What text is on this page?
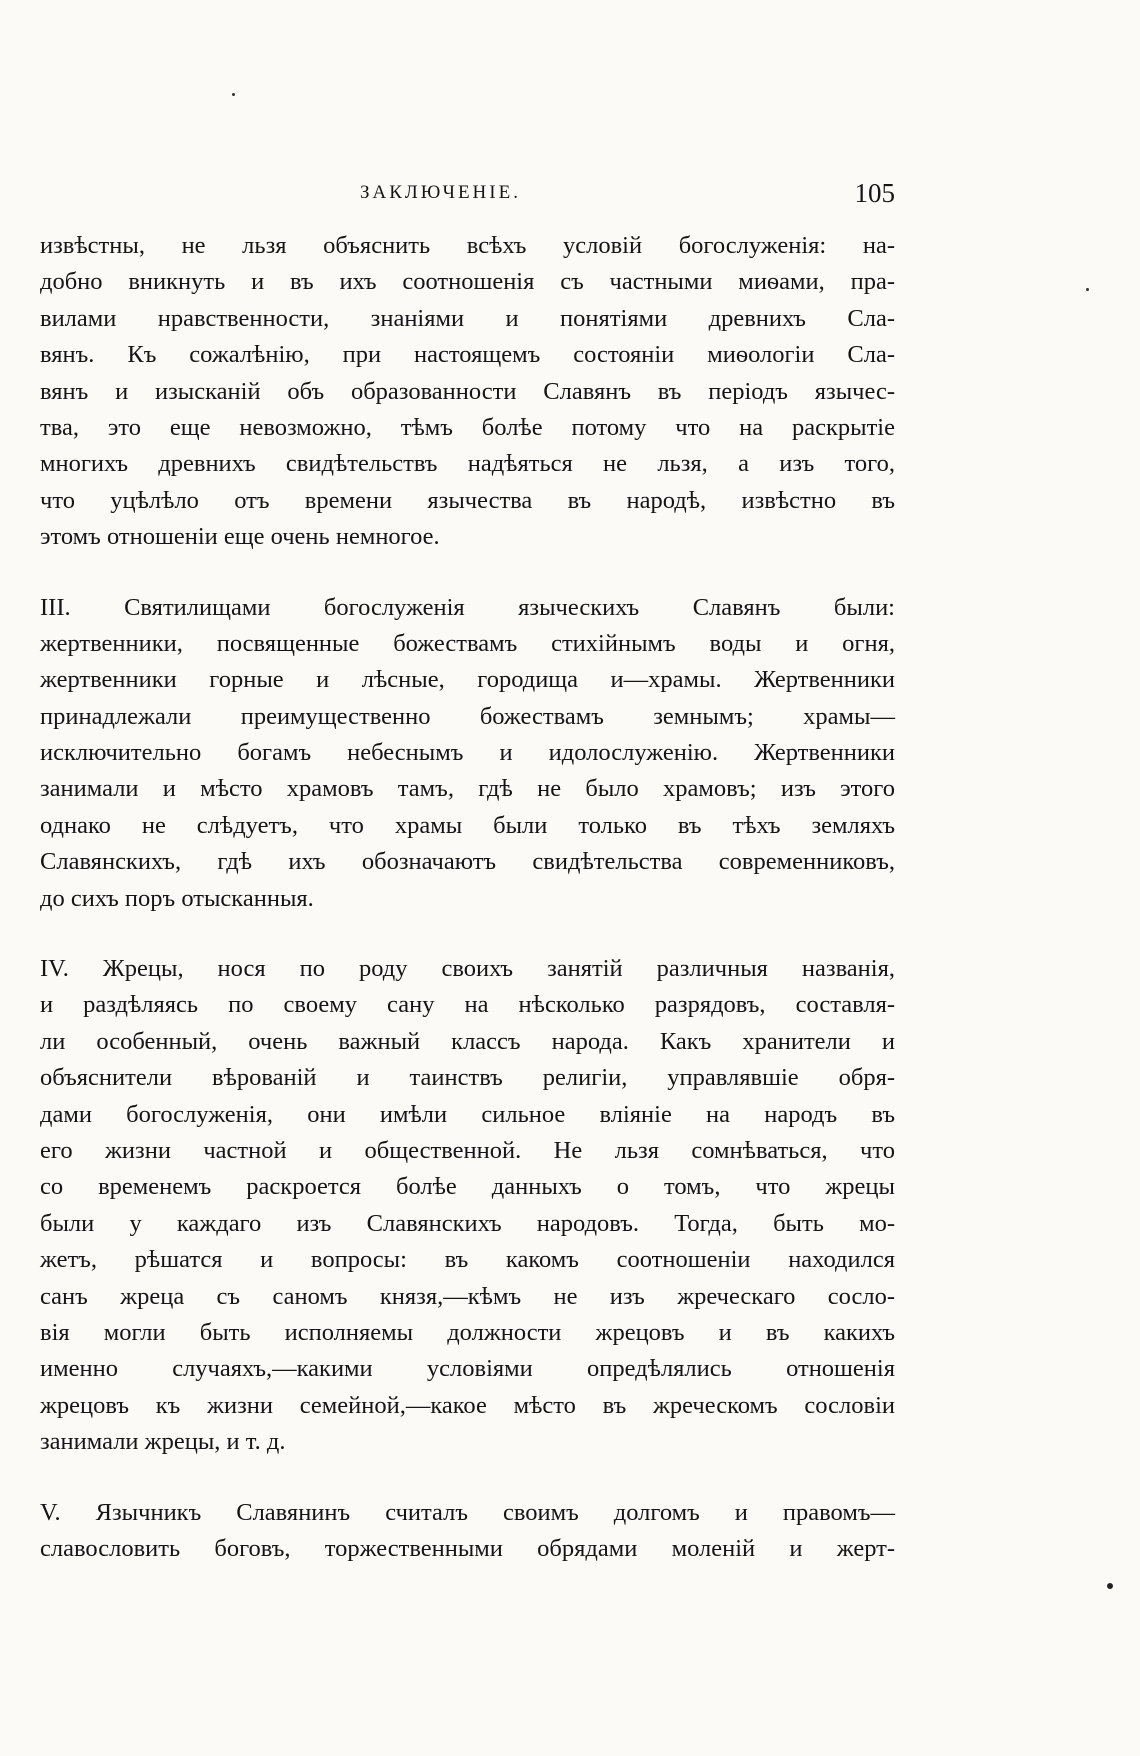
ЗАКЛЮЧЕНІЕ.	105
извѣстны, не льзя объяснить всѣхъ условій богослуженія: на-
добно вникнуть и въ ихъ соотношенія съ частными миѳами, пра-
вилами нравственности, знаніями и понятіями древнихъ Сла-
вянъ. Къ сожалѣнію, при настоящемъ состояніи миѳологіи Сла-
вянъ и изысканій объ образованности Славянъ въ періодъ язычес-
тва, это еще невозможно, тѣмъ болѣе потому что на раскрытіе
многихъ древнихъ свидѣтельствъ надѣяться не льзя, а изъ того,
что уцѣлѣло отъ времени язычества въ народѣ, извѣстно въ
этомъ отношеніи еще очень немногое.
III. Святилищами богослуженія языческихъ Славянъ были:
жертвенники, посвященные божествамъ стихійнымъ воды и огня,
жертвенники горные и лѣсные, городища и—храмы. Жертвенники
принадлежали преимущественно божествамъ земнымъ; храмы—
исключительно богамъ небеснымъ и идолослуженію. Жертвенники
занимали и мѣсто храмовъ тамъ, гдѣ не было храмовъ; изъ этого
однако не слѣдуетъ, что храмы были только въ тѣхъ земляхъ
Славянскихъ, гдѣ ихъ обозначаютъ свидѣтельства современниковъ,
до сихъ поръ отысканныя.
IV. Жрецы, нося по роду своихъ занятій различныя названія,
и раздѣляясь по своему сану на нѣсколько разрядовъ, составля-
ли особенный, очень важный классъ народа. Какъ хранители и
объяснители вѣрованій и таинствъ религіи, управлявшіе обря-
дами богослуженія, они имѣли сильное вліяніе на народъ въ
его жизни частной и общественной. Не льзя сомнѣваться, что
со временемъ раскроется болѣе данныхъ о томъ, что жрецы
были у каждаго изъ Славянскихъ народовъ. Тогда, быть мо-
жетъ, рѣшатся и вопросы: въ какомъ соотношеніи находился
санъ жреца съ саномъ князя,—кѣмъ не изъ жреческаго сосло-
вія могли быть исполняемы должности жрецовъ и въ какихъ
именно случаяхъ,—какими условіями опредѣлялись отношенія
жрецовъ къ жизни семейной,—какое мѣсто въ жреческомъ сословіи
занимали жрецы, и т. д.
V. Язычникъ Славянинъ считалъ своимъ долгомъ и правомъ—
славословить боговъ, торжественными обрядами моленій и жерт-
